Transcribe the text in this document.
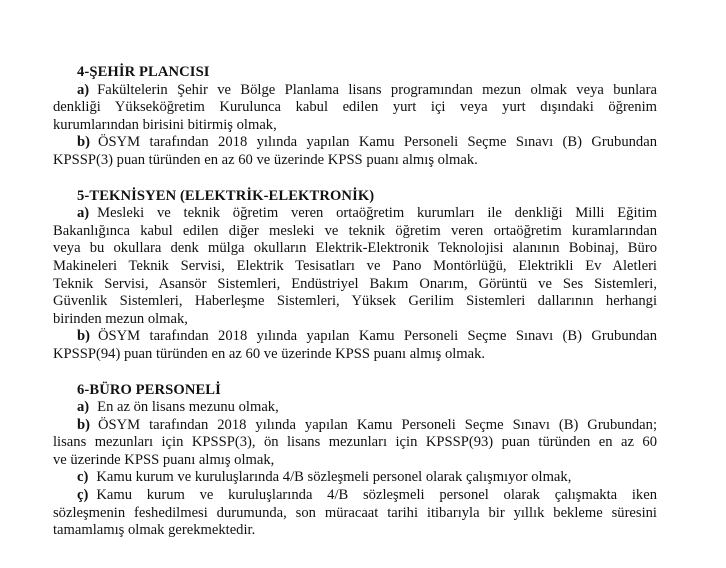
4-ŞEHİR PLANCISI
a) Fakültelerin Şehir ve Bölge Planlama lisans programından mezun olmak veya bunlara
denkliği Yükseköğretim Kurulunca kabul edilen yurt içi veya yurt dışındaki öğrenim
kurumlarından birisini bitirmiş olmak,
b) ÖSYM tarafından 2018 yılında yapılan Kamu Personeli Seçme Sınavı (B) Grubundan
KPSSP(3) puan türünden en az 60 ve üzerinde KPSS puanı almış olmak.
5-TEKNİSYEN (ELEKTRİK-ELEKTRONİK)
a) Mesleki ve teknik öğretim veren ortaöğretim kurumları ile denkliği Milli Eğitim
Bakanlığınca kabul edilen diğer mesleki ve teknik öğretim veren ortaöğretim kuramlarından
veya bu okullara denk mülga okulların Elektrik-Elektronik Teknolojisi alanının Bobinaj, Büro
Makineleri Teknik Servisi, Elektrik Tesisatları ve Pano Montörlüğü, Elektrikli Ev Aletleri
Teknik Servisi, Asansör Sistemleri, Endüstriyel Bakım Onarım, Görüntü ve Ses Sistemleri,
Güvenlik Sistemleri, Haberleşme Sistemleri, Yüksek Gerilim Sistemleri dallarının herhangi
birinden mezun olmak,
b) ÖSYM tarafından 2018 yılında yapılan Kamu Personeli Seçme Sınavı (B) Grubundan
KPSSP(94) puan türünden en az 60 ve üzerinde KPSS puanı almış olmak.
6-BÜRO PERSONELİ
a) En az ön lisans mezunu olmak,
b) ÖSYM tarafından 2018 yılında yapılan Kamu Personeli Seçme Sınavı (B) Grubundan;
lisans mezunları için KPSSP(3), ön lisans mezunları için KPSSP(93) puan türünden en az 60
ve üzerinde KPSS puanı almış olmak,
c) Kamu kurum ve kuruluşlarında 4/B sözleşmeli personel olarak çalışmıyor olmak,
ç) Kamu kurum ve kuruluşlarında 4/B sözleşmeli personel olarak çalışmakta iken
sözleşmenin feshedilmesi durumunda, son müracaat tarihi itibarıyla bir yıllık bekleme süresini
tamamlamış olmak gerekmektedir.
